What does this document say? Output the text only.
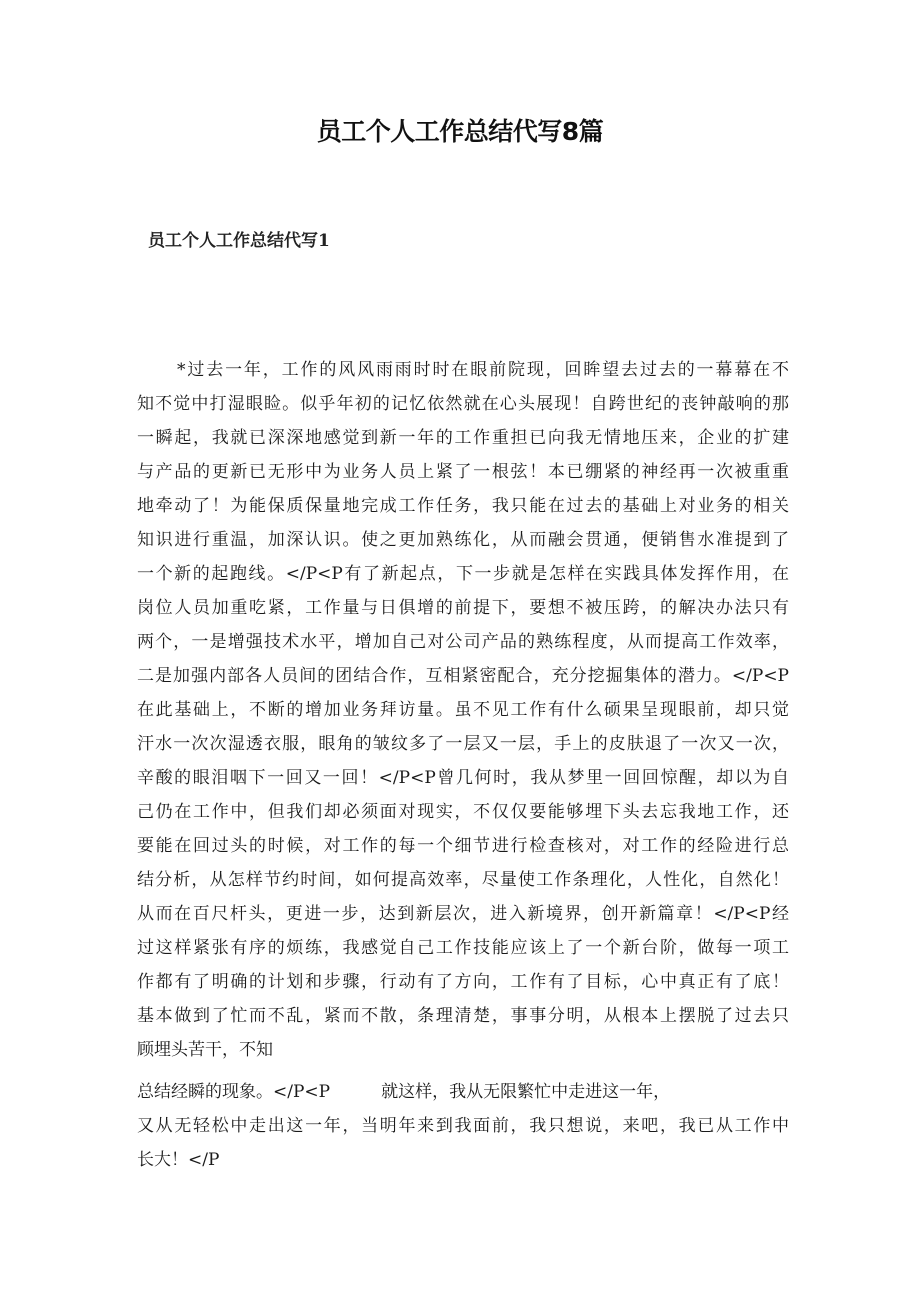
员工个人工作总结代写8篇
员工个人工作总结代写1
*过去一年，工作的风风雨雨时时在眼前院现，回眸望去过去的一幕幕在不
知不觉中打湿眼睑。似乎年初的记忆依然就在心头展现！自跨世纪的丧钟敲响的那
一瞬起，我就已深深地感觉到新一年的工作重担已向我无情地压来，企业的扩建
与产品的更新已无形中为业务人员上紧了一根弦！本已绷紧的神经再一次被重重
地牵动了！为能保质保量地完成工作任务，我只能在过去的基础上对业务的相关
知识进行重温，加深认识。使之更加熟练化，从而融会贯通，便销售水准提到了
一个新的起跑线。</P<P有了新起点，下一步就是怎样在实践具体发挥作用，在
岗位人员加重吃紧，工作量与日俱增的前提下，要想不被压跨，的解决办法只有
两个，一是增强技术水平，增加自己对公司产品的熟练程度，从而提高工作效率，
二是加强内部各人员间的团结合作，互相紧密配合，充分挖掘集体的潜力。</P<P
在此基础上，不断的增加业务拜访量。虽不见工作有什么硕果呈现眼前，却只觉
汗水一次次湿透衣服，眼角的皱纹多了一层又一层，手上的皮肤退了一次又一次，
辛酸的眼泪咽下一回又一回！</P<P曾几何时，我从梦里一回回惊醒，却以为自
己仍在工作中，但我们却必须面对现实，不仅仅要能够埋下头去忘我地工作，还
要能在回过头的时候，对工作的每一个细节进行检查核对，对工作的经险进行总
结分析，从怎样节约时间，如何提高效率，尽量使工作条理化，人性化，自然化！
从而在百尺杆头，更进一步，达到新层次，进入新境界，创开新篇章！</P<P经
过这样紧张有序的烦练，我感觉自己工作技能应该上了一个新台阶，做每一项工
作都有了明确的计划和步骤，行动有了方向，工作有了目标，心中真正有了底！
基本做到了忙而不乱，紧而不散，条理清楚，事事分明，从根本上摆脱了过去只
顾埋头苦干，不知
总结经瞬的现象。</P<P　　　就这样，我从无限繁忙中走进这一年，
又从无轻松中走出这一年，当明年来到我面前，我只想说，来吧，我已从工作中
长大！</P
